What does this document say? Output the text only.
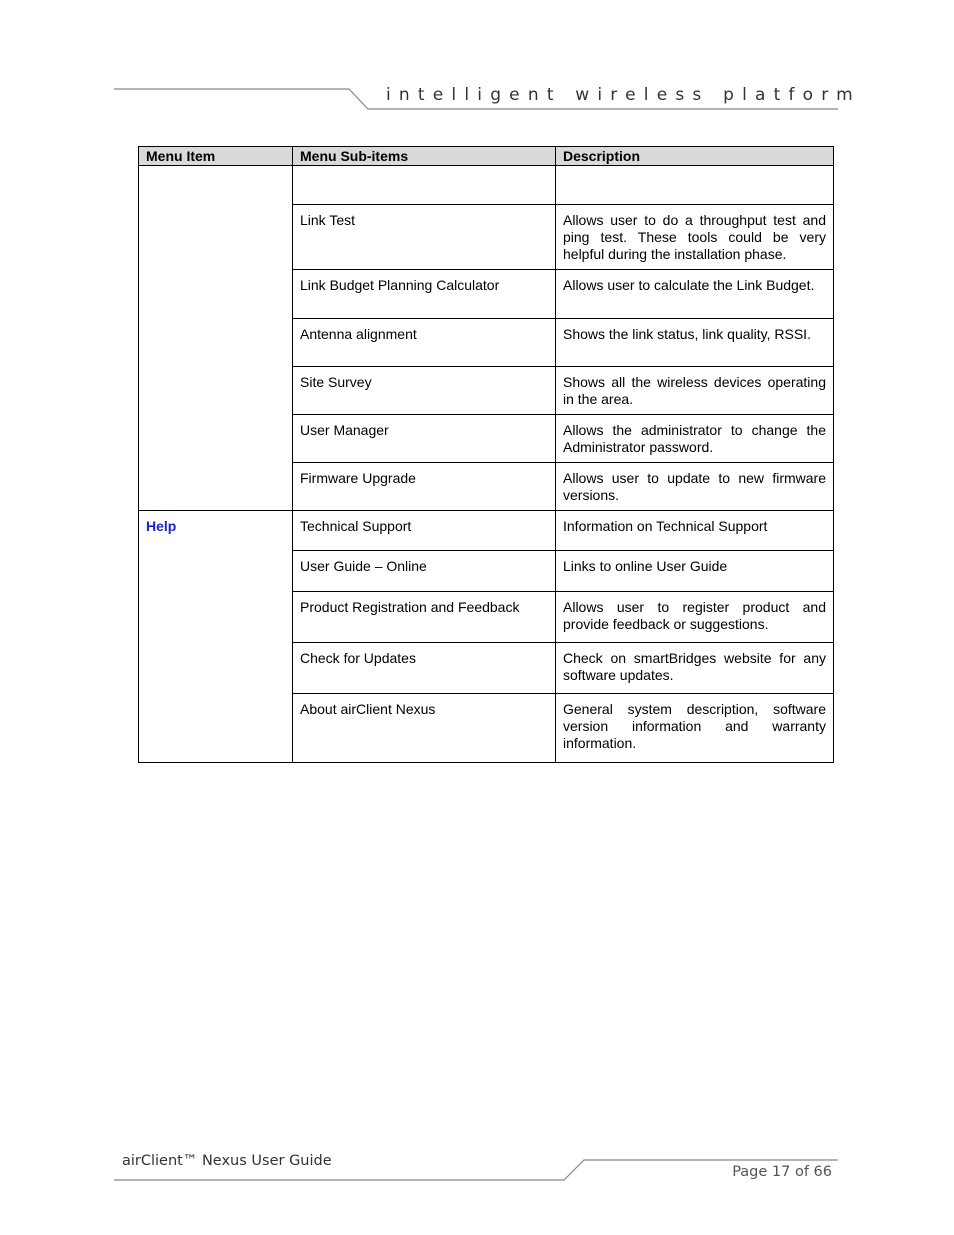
intelligent wireless platform
Menu Item	Menu Sub-items	Description

	Link Test	Allows user to do a throughput test and ping test. These tools could be very helpful during the installation phase.
	Link Budget Planning Calculator	Allows user to calculate the Link Budget.
	Antenna alignment	Shows the link status, link quality, RSSI.
	Site Survey	Shows all the wireless devices operating in the area.
	User Manager	Allows the administrator to change the Administrator password.
	Firmware Upgrade	Allows user to update to new firmware versions.
Help	Technical Support	Information on Technical Support
	User Guide – Online	Links to online User Guide
	Product Registration and Feedback	Allows user to register product and provide feedback or suggestions.
	Check for Updates	Check on smartBridges website for any software updates.
	About airClient Nexus	General system description, software version information and warranty information.
airClient™ Nexus User Guide
Page 17 of 66
